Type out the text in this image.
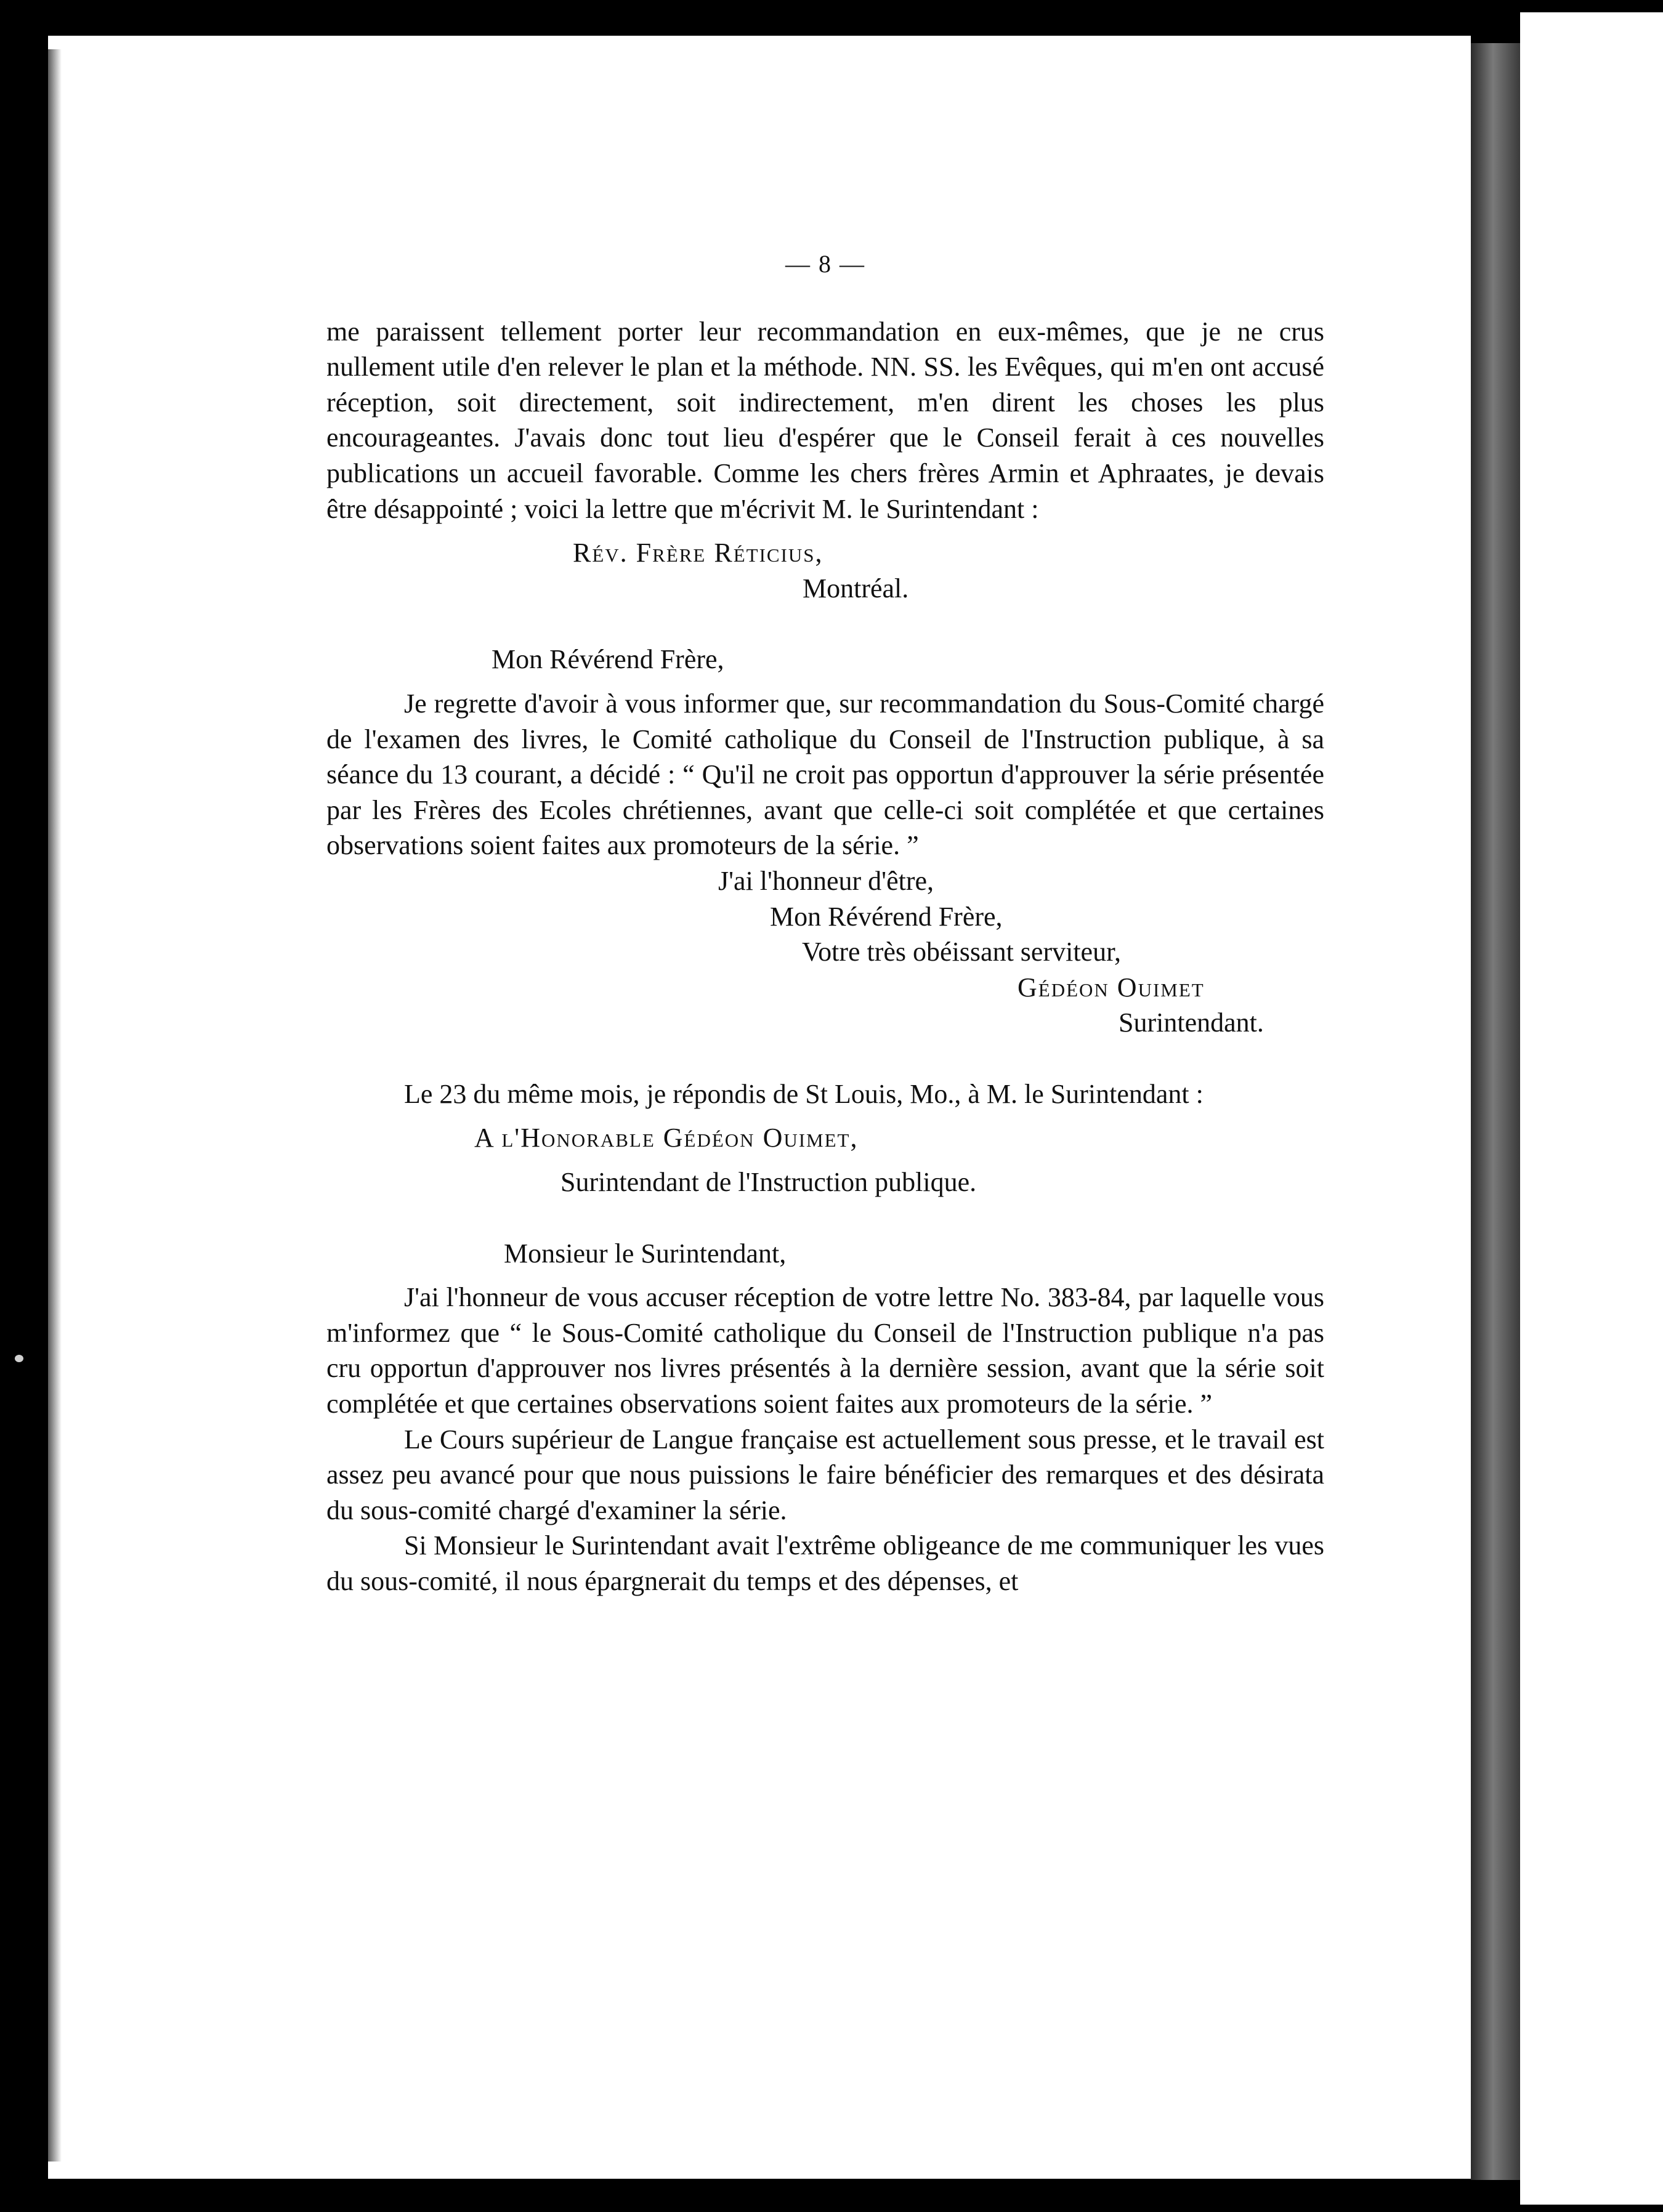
— 8 —

me paraissent tellement porter leur recommandation en eux-mêmes, que je ne crus nullement utile d'en relever le plan et la méthode. NN. SS. les Evêques, qui m'en ont accusé réception, soit directement, soit indirectement, m'en dirent les choses les plus encourageantes. J'avais donc tout lieu d'espérer que le Conseil ferait à ces nouvelles publications un accueil favorable. Comme les chers frères Armin et Aphraates, je devais être désappointé ; voici la lettre que m'écrivit M. le Surintendant :

Rév. Frère Réticius,
Montréal.
Mon Révérend Frère,

Je regrette d'avoir à vous informer que, sur recommandation du Sous-Comité chargé de l'examen des livres, le Comité catholique du Conseil de l'Instruction publique, à sa séance du 13 courant, a décidé : “ Qu'il ne croit pas opportun d'approuver la série présentée par les Frères des Ecoles chrétiennes, avant que celle-ci soit complétée et que certaines observations soient faites aux promoteurs de la série. ”

J'ai l'honneur d'être,
Mon Révérend Frère,
Votre très obéissant serviteur,
Gédéon Ouimet
Surintendant.

Le 23 du même mois, je répondis de St Louis, Mo., à M. le Surintendant :

A l'Honorable Gédéon Ouimet,
Surintendant de l'Instruction publique.
Monsieur le Surintendant,

J'ai l'honneur de vous accuser réception de votre lettre No. 383-84, par laquelle vous m'informez que “ le Sous-Comité catholique du Conseil de l'Instruction publique n'a pas cru opportun d'approuver nos livres présentés à la dernière session, avant que la série soit complétée et que certaines observations soient faites aux promoteurs de la série. ”

Le Cours supérieur de Langue française est actuellement sous presse, et le travail est assez peu avancé pour que nous puissions le faire bénéficier des remarques et des désirata du sous-comité chargé d'examiner la série.

Si Monsieur le Surintendant avait l'extrême obligeance de me communiquer les vues du sous-comité, il nous épargnerait du temps et des dépenses, et
